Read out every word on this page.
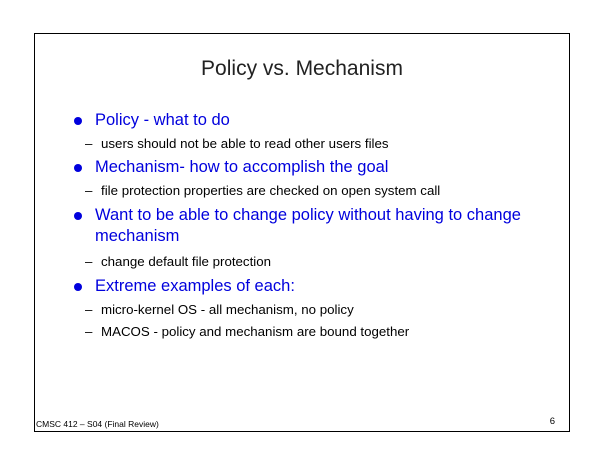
Policy vs. Mechanism
Policy - what to do
– users should not be able to read other users files
Mechanism- how to accomplish the goal
– file protection properties are checked on open system call
Want to be able to change policy without having to change mechanism
– change default file protection
Extreme examples of each:
– micro-kernel OS - all mechanism, no policy
– MACOS - policy and mechanism are bound together
CMSC 412 – S04 (Final Review)	6
